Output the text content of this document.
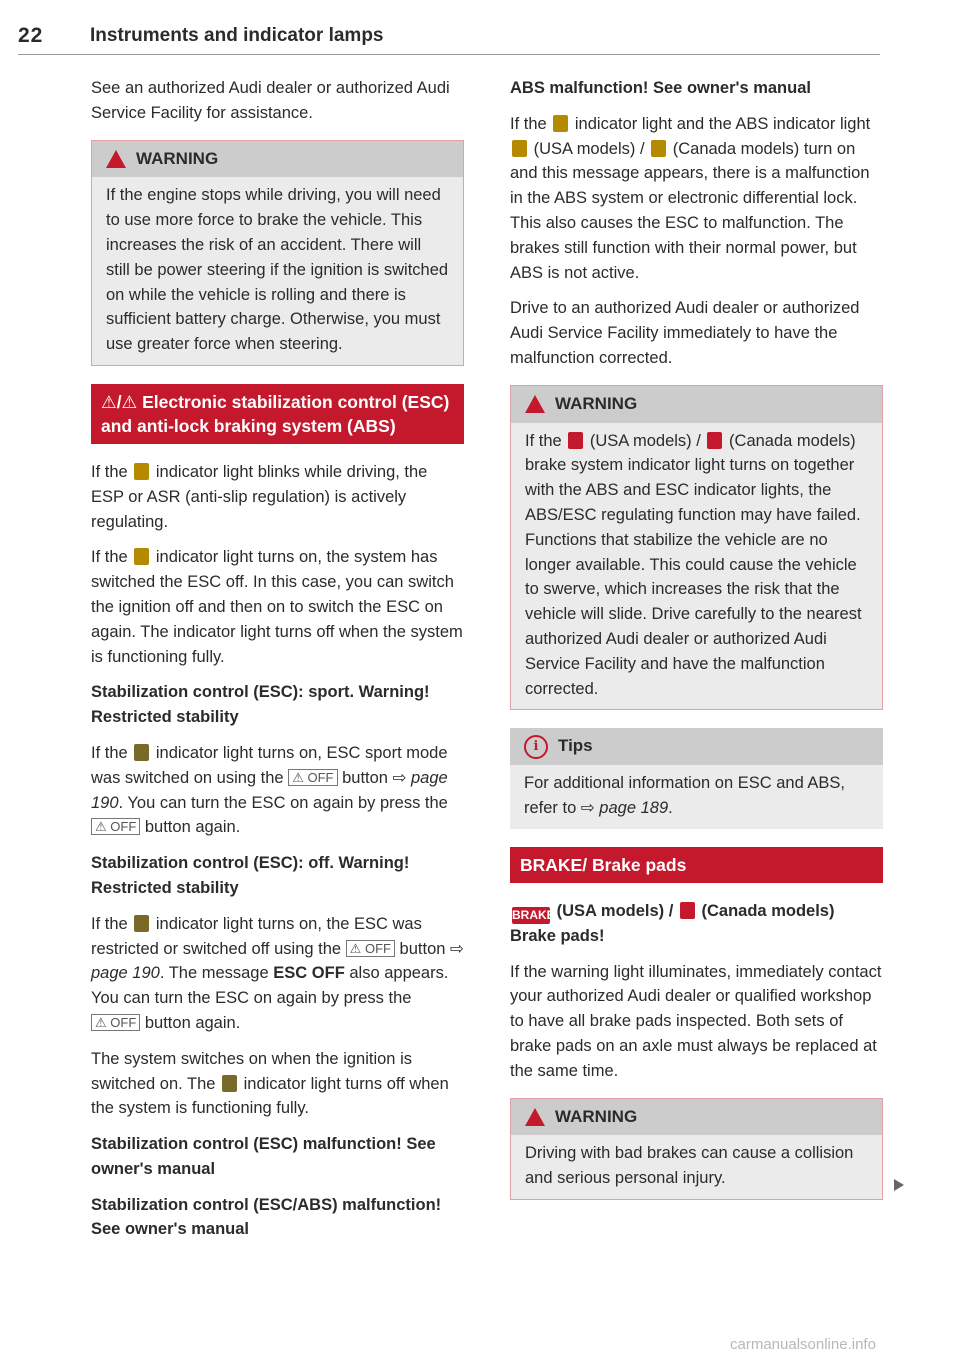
22 Instruments and indicator lamps

See an authorized Audi dealer or authorized Audi Service Facility for assistance.

WARNING
If the engine stops while driving, you will need to use more force to brake the vehicle. This increases the risk of an accident. There will still be power steering if the ignition is switched on while the vehicle is rolling and there is sufficient battery charge. Otherwise, you must use greater force when steering.
⚠/⚠ Electronic stabilization control (ESC) and anti-lock braking system (ABS)

If the indicator light blinks while driving, the ESP or ASR (anti-slip regulation) is actively regulating.

If the indicator light turns on, the system has switched the ESC off. In this case, you can switch the ignition off and then on to switch the ESC on again. The indicator light turns off when the system is functioning fully.

Stabilization control (ESC): sport. Warning! Restricted stability

If the indicator light turns on, ESC sport mode was switched on using the ⚠ OFF button ⇨ page 190. You can turn the ESC on again by press the ⚠ OFF button again.

Stabilization control (ESC): off. Warning! Restricted stability

If the indicator light turns on, the ESC was restricted or switched off using the ⚠ OFF button ⇨ page 190. The message ESC OFF also appears. You can turn the ESC on again by press the ⚠ OFF button again.

The system switches on when the ignition is switched on. The indicator light turns off when the system is functioning fully.

Stabilization control (ESC) malfunction! See owner's manual

Stabilization control (ESC/ABS) malfunction! See owner's manual

ABS malfunction! See owner's manual

If the indicator light and the ABS indicator light  (USA models) / (Canada models) turn on and this message appears, there is a malfunction in the ABS system or electronic differential lock. This also causes the ESC to malfunction. The brakes still function with their normal power, but ABS is not active.

Drive to an authorized Audi dealer or authorized Audi Service Facility immediately to have the malfunction corrected.

WARNING
If the (USA models) / (Canada models) brake system indicator light turns on together with the ABS and ESC indicator lights, the ABS/ESC regulating function may have failed. Functions that stabilize the vehicle are no longer available. This could cause the vehicle to swerve, which increases the risk that the vehicle will slide. Drive carefully to the nearest authorized Audi dealer or authorized Audi Service Facility and have the malfunction corrected.
i	Tips
For additional information on ESC and ABS, refer to ⇨ page 189.
BRAKE/ Brake pads

BRAKE (USA models) / (Canada models) Brake pads!

If the warning light illuminates, immediately contact your authorized Audi dealer or qualified workshop to have all brake pads inspected. Both sets of brake pads on an axle must always be replaced at the same time.

WARNING
Driving with bad brakes can cause a collision and serious personal injury.
carmanualsonline.info
